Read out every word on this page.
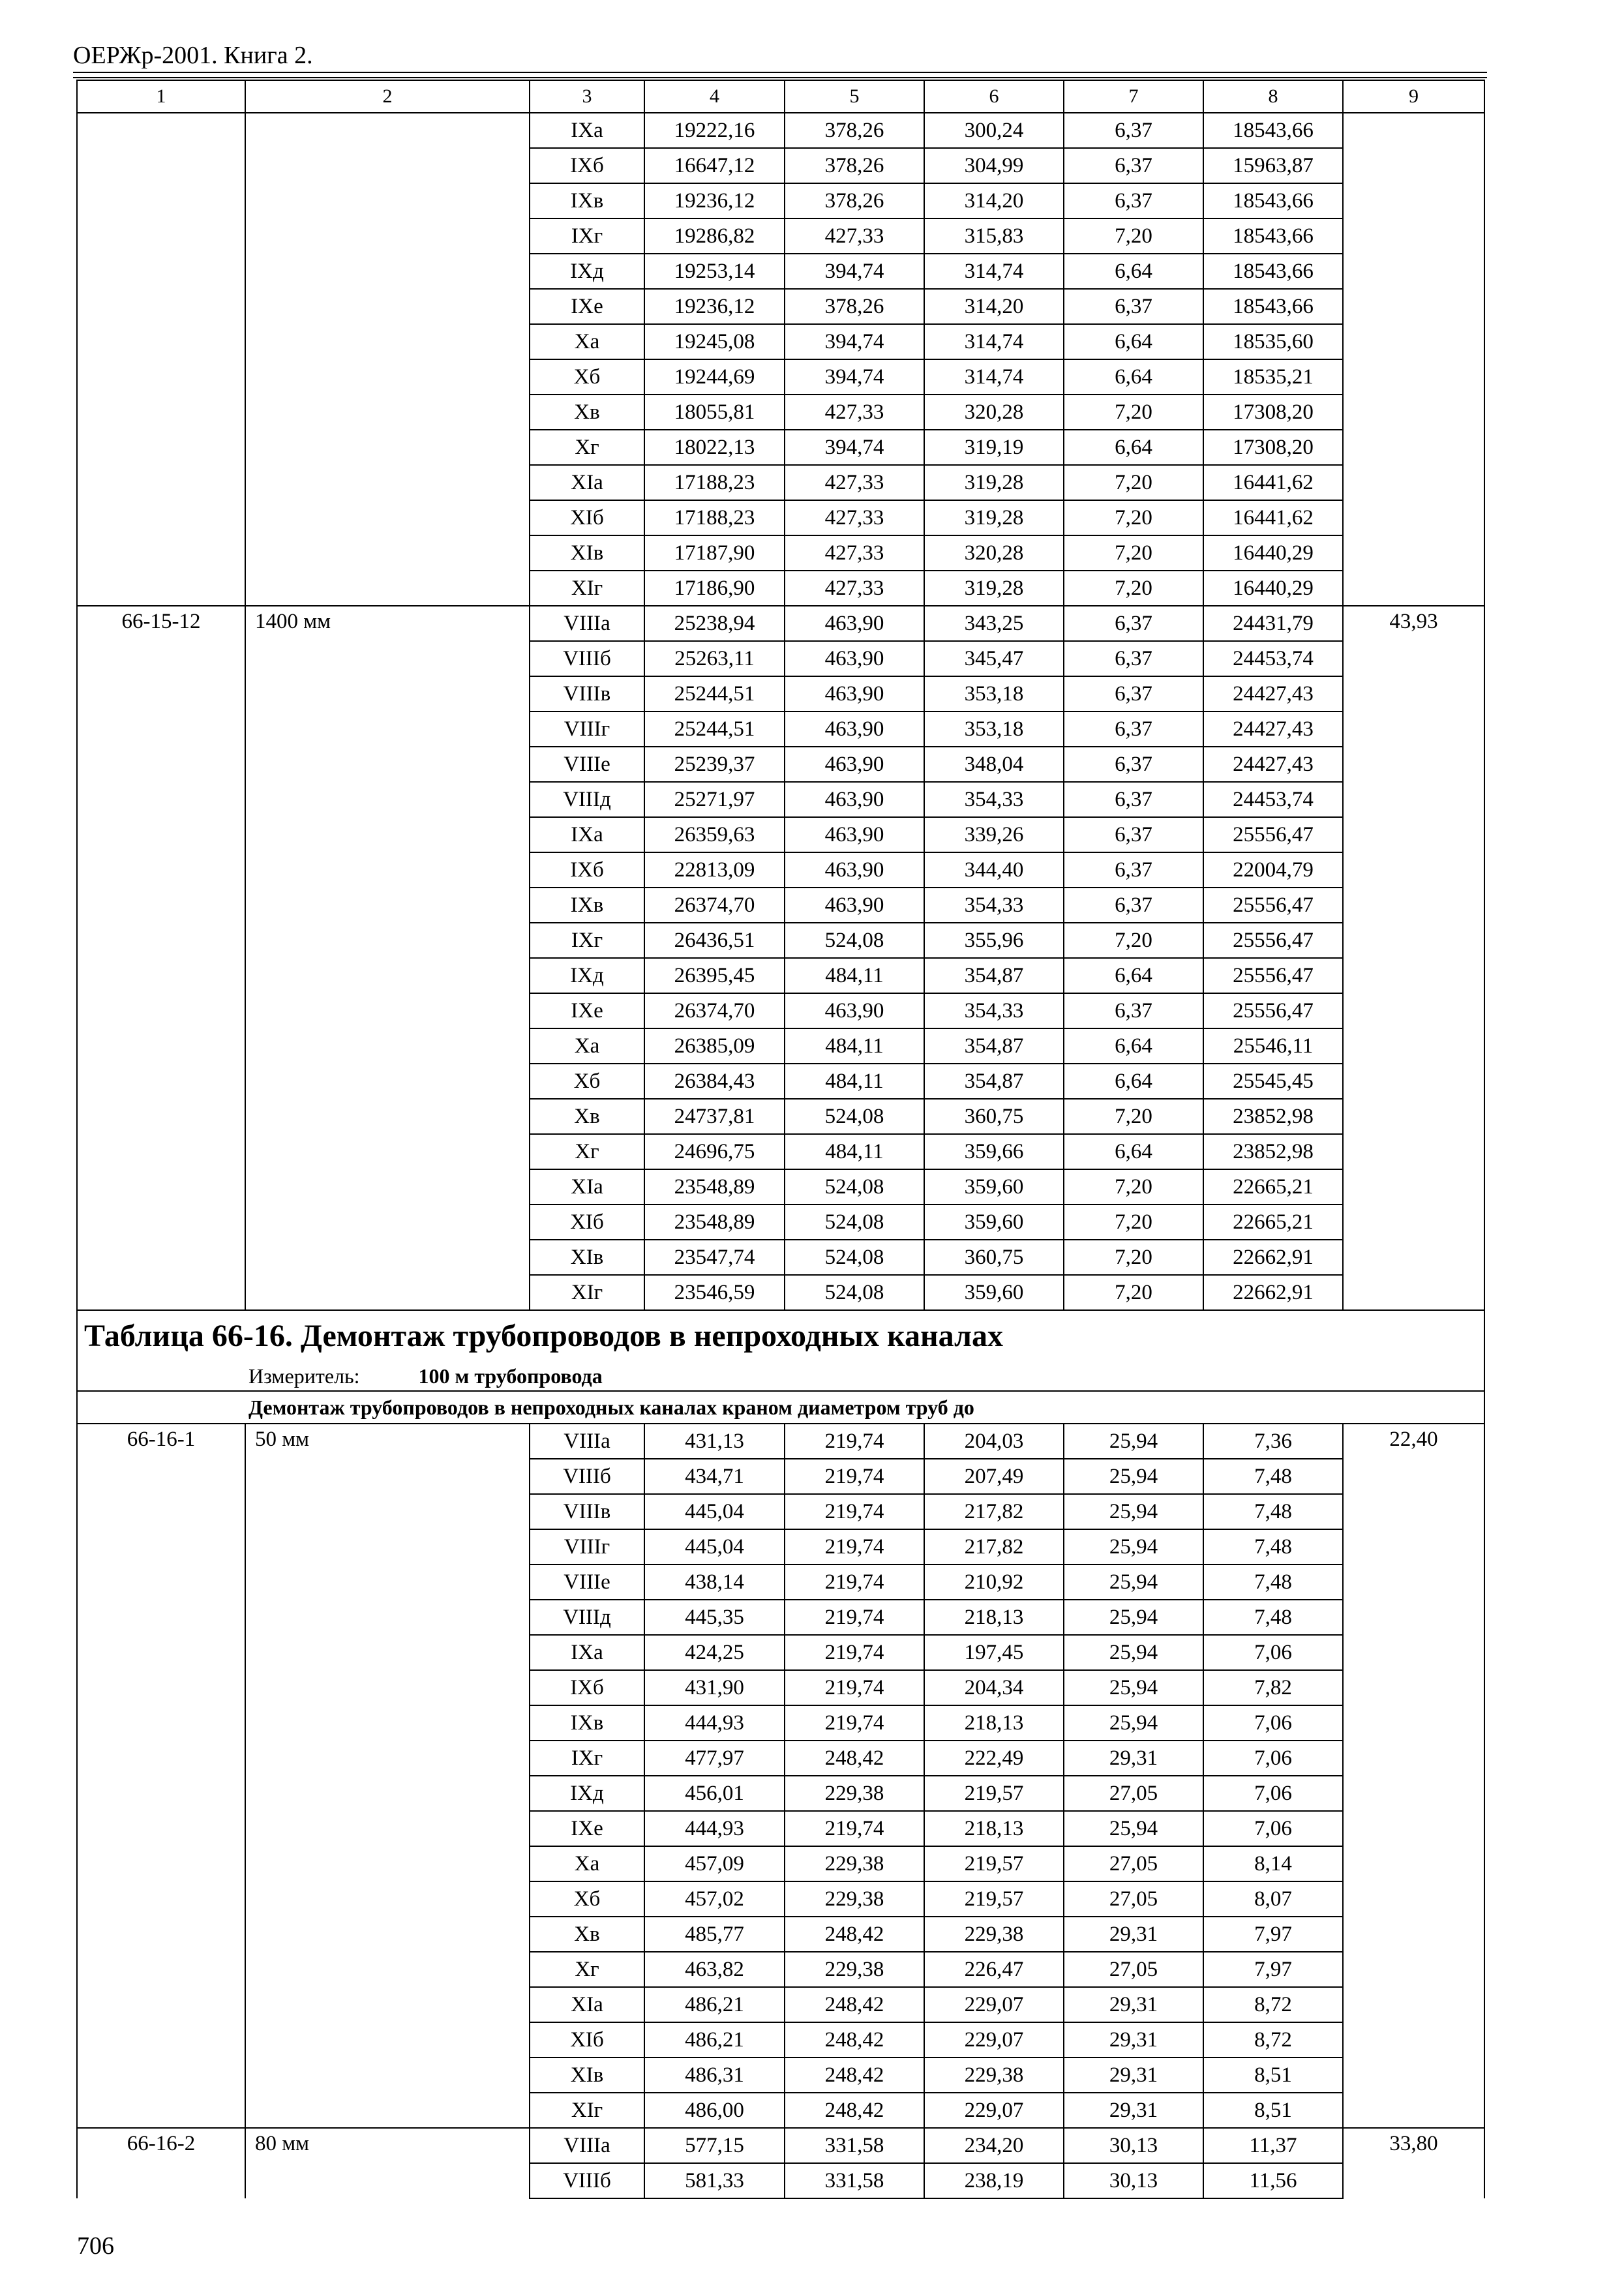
ОЕРЖр-2001. Книга 2.
1	2	3	4	5	6	7	8	9
		IXа	19222,16	378,26	300,24	6,37	18543,66	
		IXб	16647,12	378,26	304,99	6,37	15963,87	
		IXв	19236,12	378,26	314,20	6,37	18543,66	
		IXг	19286,82	427,33	315,83	7,20	18543,66	
		IXд	19253,14	394,74	314,74	6,64	18543,66	
		IXе	19236,12	378,26	314,20	6,37	18543,66	
		Xа	19245,08	394,74	314,74	6,64	18535,60	
		Xб	19244,69	394,74	314,74	6,64	18535,21	
		Xв	18055,81	427,33	320,28	7,20	17308,20	
		Xг	18022,13	394,74	319,19	6,64	17308,20	
		XIа	17188,23	427,33	319,28	7,20	16441,62	
		XIб	17188,23	427,33	319,28	7,20	16441,62	
		XIв	17187,90	427,33	320,28	7,20	16440,29	
		XIг	17186,90	427,33	319,28	7,20	16440,29	
66-15-12	1400 мм	VIIIа	25238,94	463,90	343,25	6,37	24431,79	43,93
		VIIIб	25263,11	463,90	345,47	6,37	24453,74	
		VIIIв	25244,51	463,90	353,18	6,37	24427,43	
		VIIIг	25244,51	463,90	353,18	6,37	24427,43	
		VIIIе	25239,37	463,90	348,04	6,37	24427,43	
		VIIIд	25271,97	463,90	354,33	6,37	24453,74	
		IXа	26359,63	463,90	339,26	6,37	25556,47	
		IXб	22813,09	463,90	344,40	6,37	22004,79	
		IXв	26374,70	463,90	354,33	6,37	25556,47	
		IXг	26436,51	524,08	355,96	7,20	25556,47	
		IXд	26395,45	484,11	354,87	6,64	25556,47	
		IXе	26374,70	463,90	354,33	6,37	25556,47	
		Xа	26385,09	484,11	354,87	6,64	25546,11	
		Xб	26384,43	484,11	354,87	6,64	25545,45	
		Xв	24737,81	524,08	360,75	7,20	23852,98	
		Xг	24696,75	484,11	359,66	6,64	23852,98	
		XIа	23548,89	524,08	359,60	7,20	22665,21	
		XIб	23548,89	524,08	359,60	7,20	22665,21	
		XIв	23547,74	524,08	360,75	7,20	22662,91	
		XIг	23546,59	524,08	359,60	7,20	22662,91	
Таблица 66-16. Демонтаж трубопроводов в непроходных каналах								
Измеритель: 100 м трубопровода								
Демонтаж трубопроводов в непроходных каналах краном диаметром труб до								
66-16-1	50 мм	VIIIа	431,13	219,74	204,03	25,94	7,36	22,40
		VIIIб	434,71	219,74	207,49	25,94	7,48	
		VIIIв	445,04	219,74	217,82	25,94	7,48	
		VIIIг	445,04	219,74	217,82	25,94	7,48	
		VIIIе	438,14	219,74	210,92	25,94	7,48	
		VIIIд	445,35	219,74	218,13	25,94	7,48	
		IXа	424,25	219,74	197,45	25,94	7,06	
		IXб	431,90	219,74	204,34	25,94	7,82	
		IXв	444,93	219,74	218,13	25,94	7,06	
		IXг	477,97	248,42	222,49	29,31	7,06	
		IXд	456,01	229,38	219,57	27,05	7,06	
		IXе	444,93	219,74	218,13	25,94	7,06	
		Xа	457,09	229,38	219,57	27,05	8,14	
		Xб	457,02	229,38	219,57	27,05	8,07	
		Xв	485,77	248,42	229,38	29,31	7,97	
		Xг	463,82	229,38	226,47	27,05	7,97	
		XIа	486,21	248,42	229,07	29,31	8,72	
		XIб	486,21	248,42	229,07	29,31	8,72	
		XIв	486,31	248,42	229,38	29,31	8,51	
		XIг	486,00	248,42	229,07	29,31	8,51	
66-16-2	80 мм	VIIIа	577,15	331,58	234,20	30,13	11,37	33,80
		VIIIб	581,33	331,58	238,19	30,13	11,56	
706
